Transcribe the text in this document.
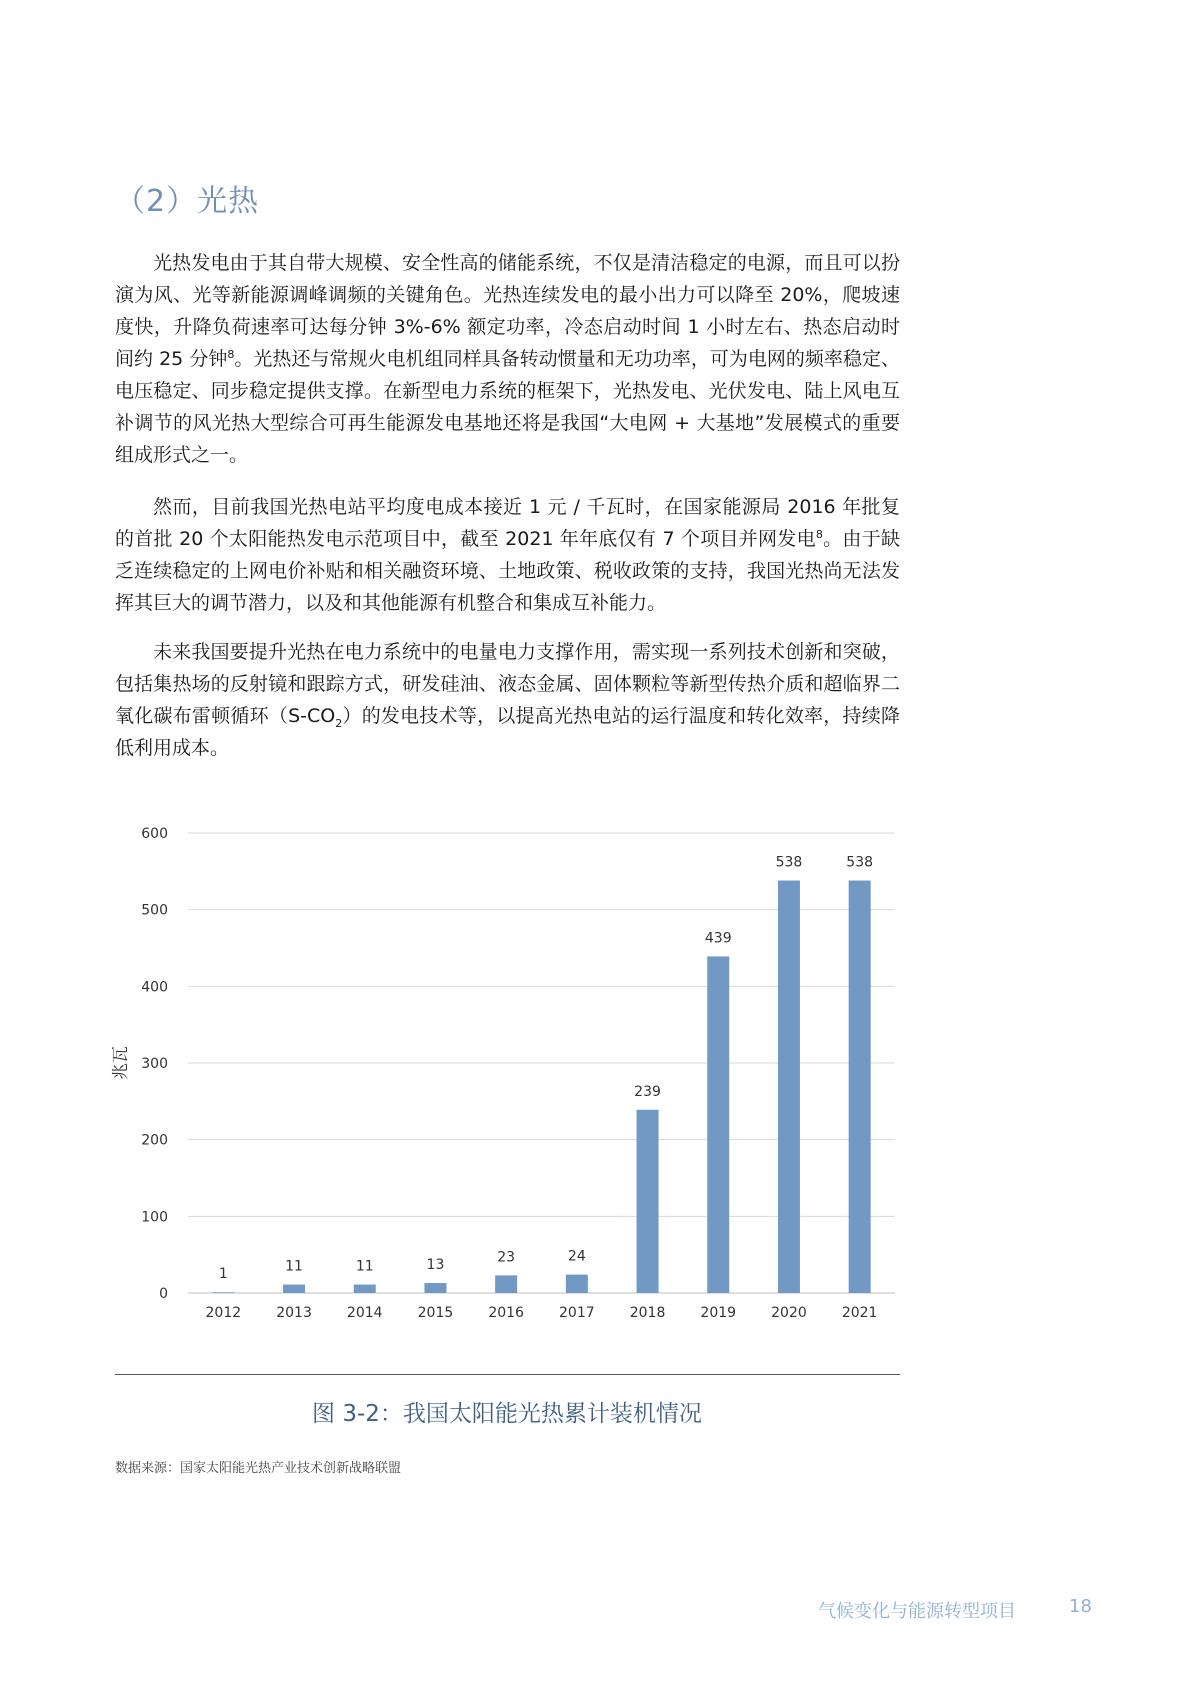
（2）光热

光热发电由于其自带大规模、安全性高的储能系统，不仅是清洁稳定的电源，而且可以扮演为风、光等新能源调峰调频的关键角色。光热连续发电的最小出力可以降至 20%，爬坡速度快，升降负荷速率可达每分钟 3%-6% 额定功率，冷态启动时间 1 小时左右、热态启动时间约 25 分钟$^8$。光热还与常规火电机组同样具备转动惯量和无功功率，可为电网的频率稳定、电压稳定、同步稳定提供支撑。在新型电力系统的框架下，光热发电、光伏发电、陆上风电互补调节的风光热大型综合可再生能源发电基地还将是我国“大电网 + 大基地”发展模式的重要组成形式之一。

然而，目前我国光热电站平均度电成本接近 1 元 / 千瓦时，在国家能源局 2016 年批复的首批 20 个太阳能热发电示范项目中，截至 2021 年年底仅有 7 个项目并网发电$^8$。由于缺乏连续稳定的上网电价补贴和相关融资环境、土地政策、税收政策的支持，我国光热尚无法发挥其巨大的调节潜力，以及和其他能源有机整合和集成互补能力。

未来我国要提升光热在电力系统中的电量电力支撑作用，需实现一系列技术创新和突破，包括集热场的反射镜和跟踪方式，研发硅油、液态金属、固体颗粒等新型传热介质和超临界二氧化碳布雷顿循环$(S-CO_2)$的发电技术等，以提高光热电站的运行温度和转化效率，持续降低利用成本。

0
100
200
300
400
500
600
兆瓦
1
2012
11
2013
11
2014
13
2015
23
2016
24
2017
239
2018
439
2019
538
2020
538
2021

图 3-2：我国太阳能光热累计装机情况

数据来源：国家太阳能光热产业技术创新战略联盟
气候变化与能源转型项目	18
